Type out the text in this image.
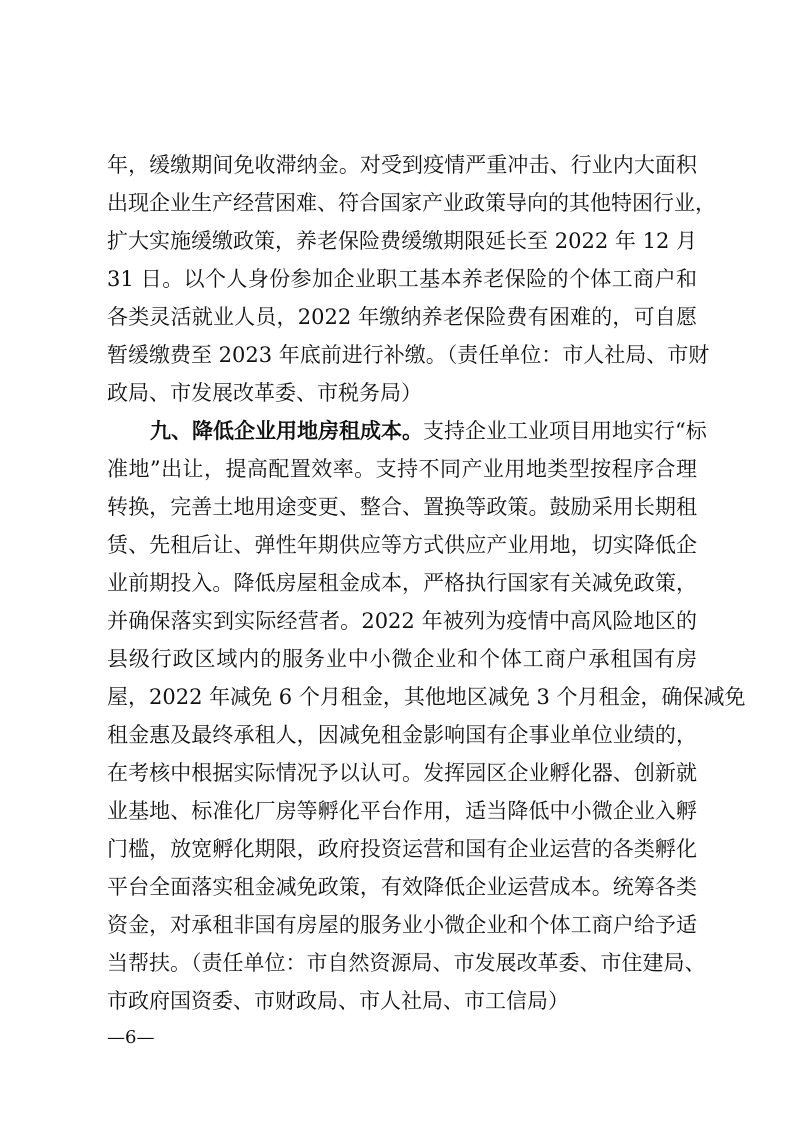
年，缓缴期间免收滞纳金。对受到疫情严重冲击、行业内大面积
出现企业生产经营困难、符合国家产业政策导向的其他特困行业，
扩大实施缓缴政策，养老保险费缓缴期限延长至 2022 年 12 月
31 日。以个人身份参加企业职工基本养老保险的个体工商户和
各类灵活就业人员，2022 年缴纳养老保险费有困难的，可自愿
暂缓缴费至 2023 年底前进行补缴。（责任单位：市人社局、市财
政局、市发展改革委、市税务局）
九、降低企业用地房租成本。支持企业工业项目用地实行“标
准地”出让，提高配置效率。支持不同产业用地类型按程序合理
转换，完善土地用途变更、整合、置换等政策。鼓励采用长期租
赁、先租后让、弹性年期供应等方式供应产业用地，切实降低企
业前期投入。降低房屋租金成本，严格执行国家有关减免政策，
并确保落实到实际经营者。2022 年被列为疫情中高风险地区的
县级行政区域内的服务业中小微企业和个体工商户承租国有房
屋，2022 年减免 6 个月租金，其他地区减免 3 个月租金，确保减免
租金惠及最终承租人，因减免租金影响国有企事业单位业绩的，
在考核中根据实际情况予以认可。发挥园区企业孵化器、创新就
业基地、标准化厂房等孵化平台作用，适当降低中小微企业入孵
门槛，放宽孵化期限，政府投资运营和国有企业运营的各类孵化
平台全面落实租金减免政策，有效降低企业运营成本。统筹各类
资金，对承租非国有房屋的服务业小微企业和个体工商户给予适
当帮扶。（责任单位：市自然资源局、市发展改革委、市住建局、
市政府国资委、市财政局、市人社局、市工信局）
—6—
